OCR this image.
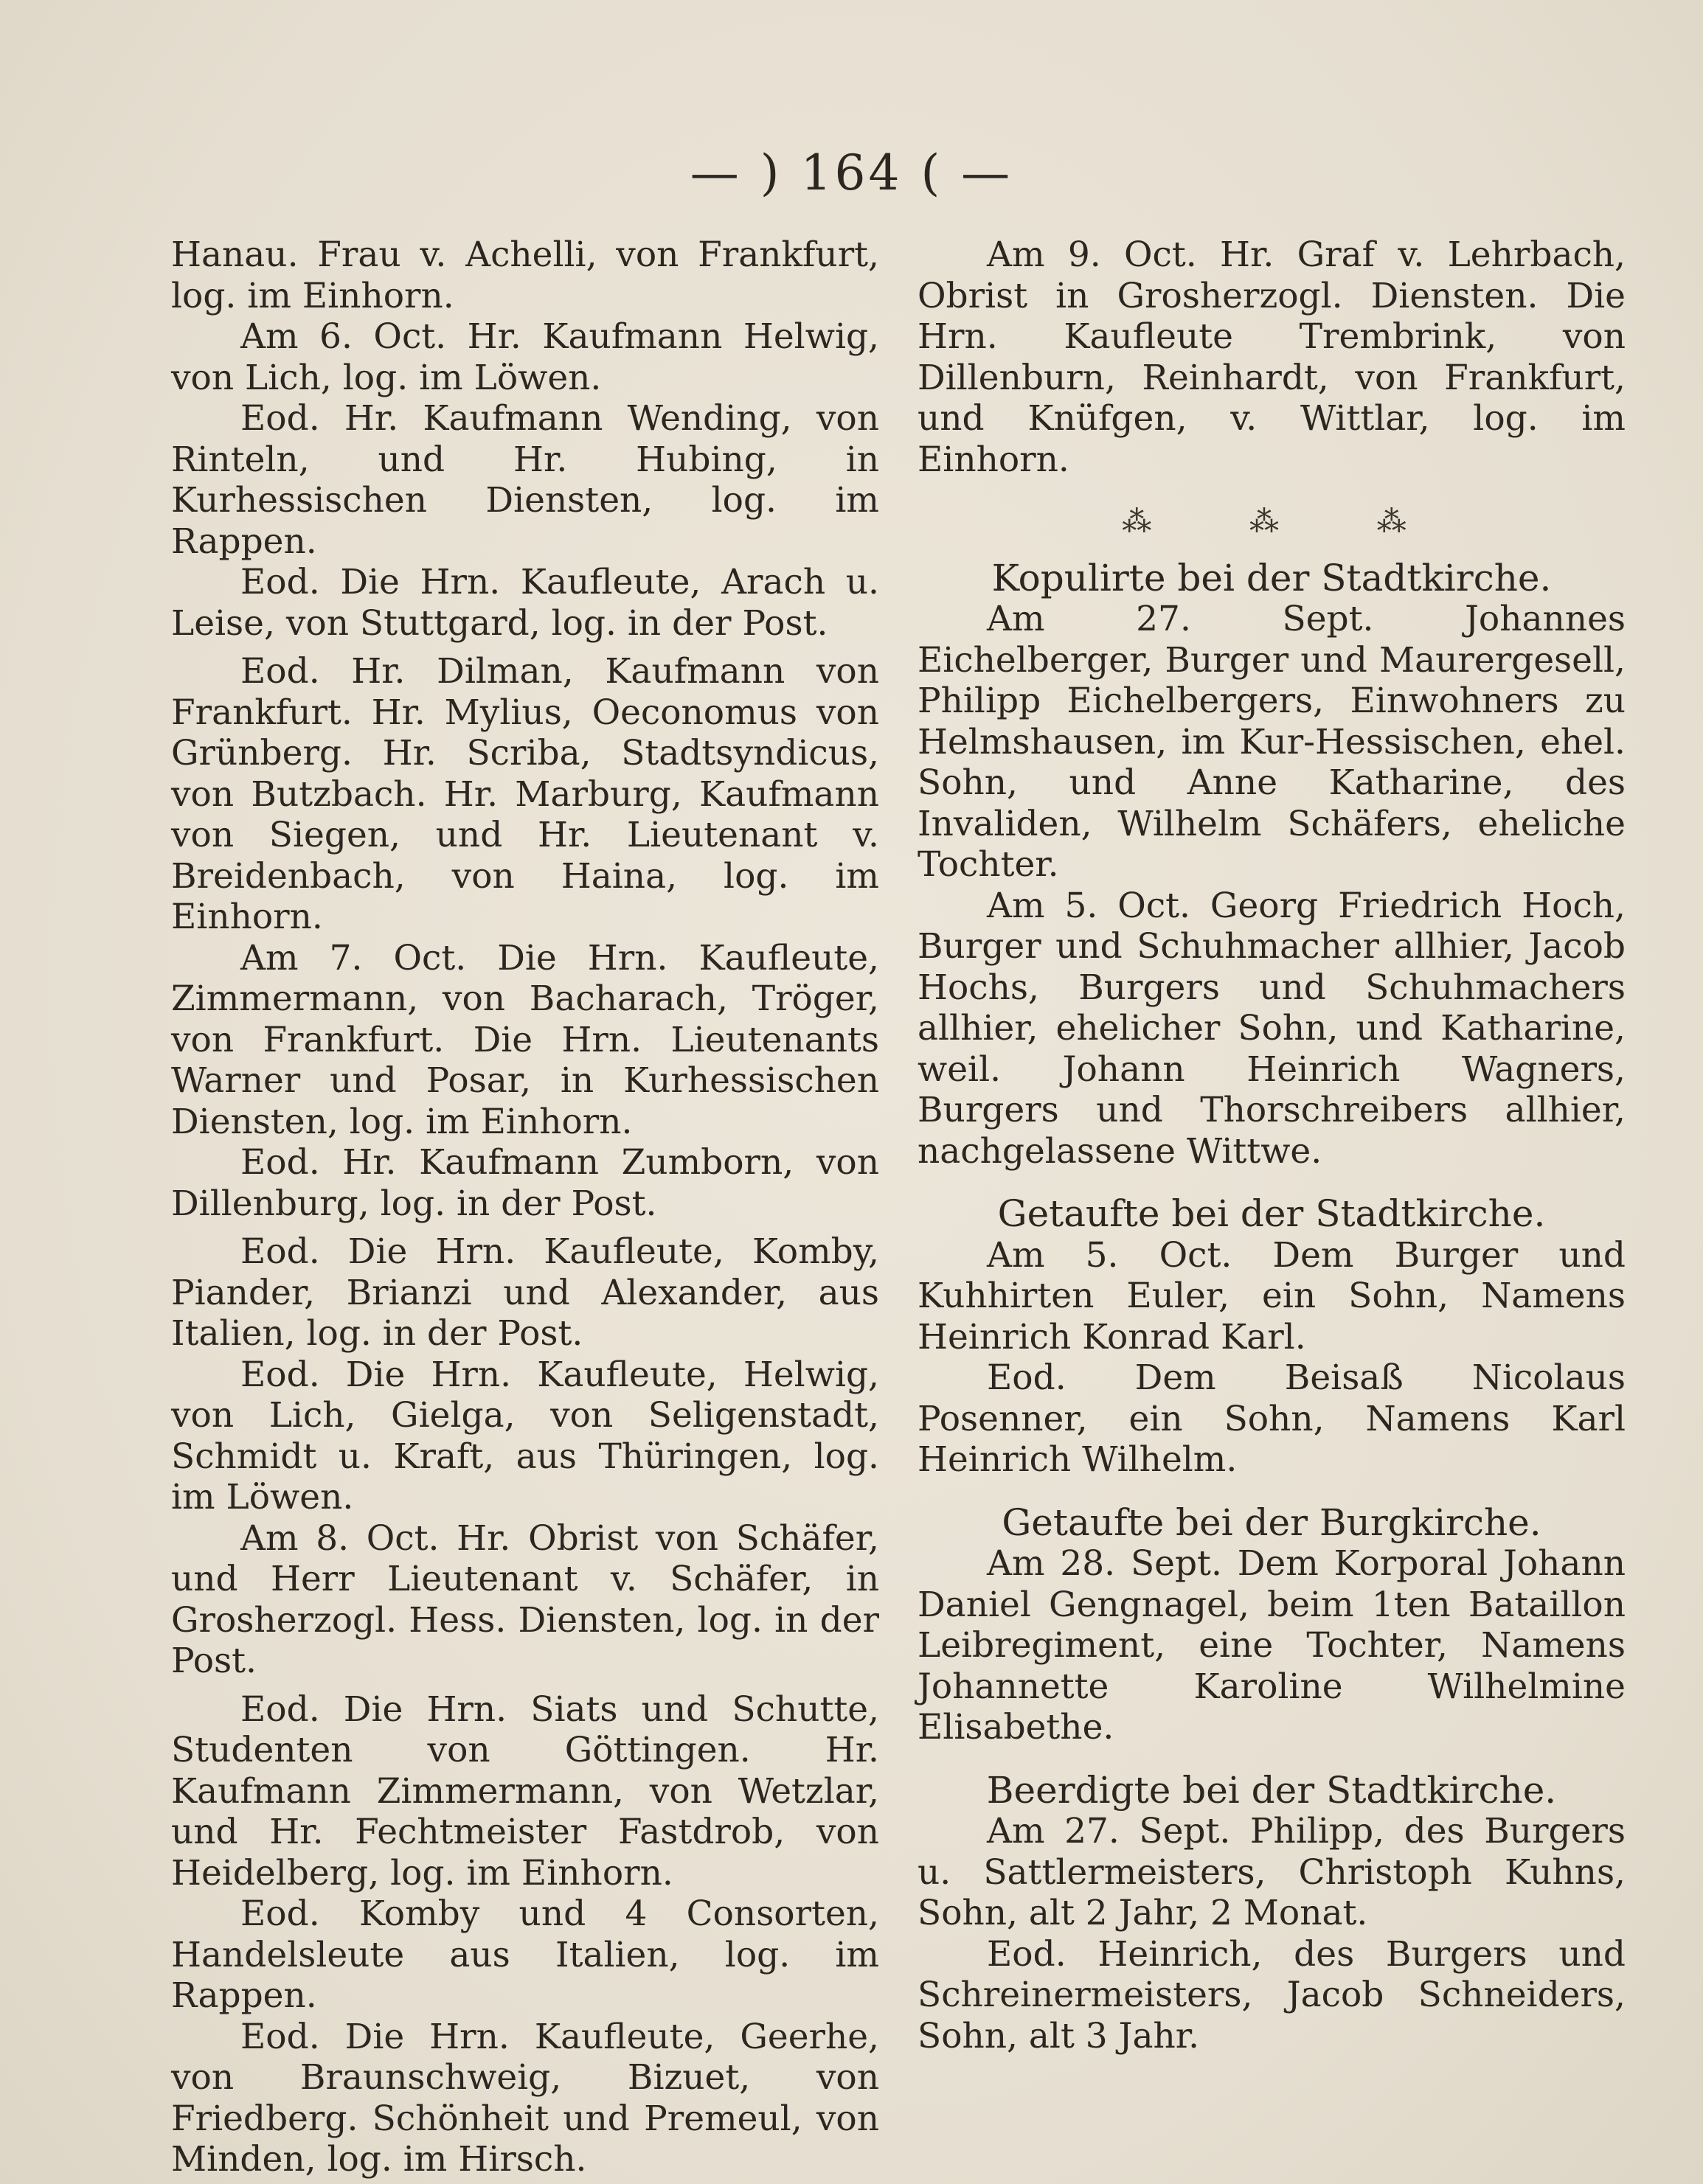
— ) 164 ( —

Hanau. Frau v. Achelli, von Frankfurt, log. im Einhorn.

Am 6. Oct. Hr. Kaufmann Helwig, von Lich, log. im Löwen.

Eod. Hr. Kaufmann Wending, von Rinteln, und Hr. Hubing, in Kurhessischen Diensten, log. im Rappen.

Eod. Die Hrn. Kaufleute, Arach u. Leise, von Stuttgard, log. in der Post.

Eod. Hr. Dilman, Kaufmann von Frankfurt. Hr. Mylius, Oeconomus von Grünberg. Hr. Scriba, Stadtsyndicus, von Butzbach. Hr. Marburg, Kaufmann von Siegen, und Hr. Lieutenant v. Breidenbach, von Haina, log. im Einhorn.

Am 7. Oct. Die Hrn. Kaufleute, Zimmermann, von Bacharach, Tröger, von Frankfurt. Die Hrn. Lieutenants Warner und Posar, in Kurhessischen Diensten, log. im Einhorn.

Eod. Hr. Kaufmann Zumborn, von Dillenburg, log. in der Post.

Eod. Die Hrn. Kaufleute, Komby, Piander, Brianzi und Alexander, aus Italien, log. in der Post.

Eod. Die Hrn. Kaufleute, Helwig, von Lich, Gielga, von Seligenstadt, Schmidt u. Kraft, aus Thüringen, log. im Löwen.

Am 8. Oct. Hr. Obrist von Schäfer, und Herr Lieutenant v. Schäfer, in Grosherzogl. Hess. Diensten, log. in der Post.

Eod. Die Hrn. Siats und Schutte, Studenten von Göttingen. Hr. Kaufmann Zimmermann, von Wetzlar, und Hr. Fechtmeister Fastdrob, von Heidelberg, log. im Einhorn.

Eod. Komby und 4 Consorten, Handelsleute aus Italien, log. im Rappen.

Eod. Die Hrn. Kaufleute, Geerhe, von Braunschweig, Bizuet, von Friedberg. Schönheit und Premeul, von Minden, log. im Hirsch.

Am 9. Oct. Hr. Graf v. Lehrbach, Obrist in Grosherzogl. Diensten. Die Hrn. Kaufleute Trembrink, von Dillenburn, Reinhardt, von Frankfurt, und Knüfgen, v. Wittlar, log. im Einhorn.

⁂ ⁂ ⁂
Kopulirte bei der Stadtkirche.

Am 27. Sept. Johannes Eichelberger, Burger und Maurergesell, Philipp Eichelbergers, Einwohners zu Helmshausen, im Kur-Hessischen, ehel. Sohn, und Anne Katharine, des Invaliden, Wilhelm Schäfers, eheliche Tochter.

Am 5. Oct. Georg Friedrich Hoch, Burger und Schuhmacher allhier, Jacob Hochs, Burgers und Schuhmachers allhier, ehelicher Sohn, und Katharine, weil. Johann Heinrich Wagners, Burgers und Thorschreibers allhier, nachgelassene Wittwe.

Getaufte bei der Stadtkirche.

Am 5. Oct. Dem Burger und Kuhhirten Euler, ein Sohn, Namens Heinrich Konrad Karl.

Eod. Dem Beisaß Nicolaus Posenner, ein Sohn, Namens Karl Heinrich Wilhelm.

Getaufte bei der Burgkirche.

Am 28. Sept. Dem Korporal Johann Daniel Gengnagel, beim 1ten Bataillon Leibregiment, eine Tochter, Namens Johannette Karoline Wilhelmine Elisabethe.

Beerdigte bei der Stadtkirche.

Am 27. Sept. Philipp, des Burgers u. Sattlermeisters, Christoph Kuhns, Sohn, alt 2 Jahr, 2 Monat.

Eod. Heinrich, des Burgers und Schreinermeisters, Jacob Schneiders, Sohn, alt 3 Jahr.
